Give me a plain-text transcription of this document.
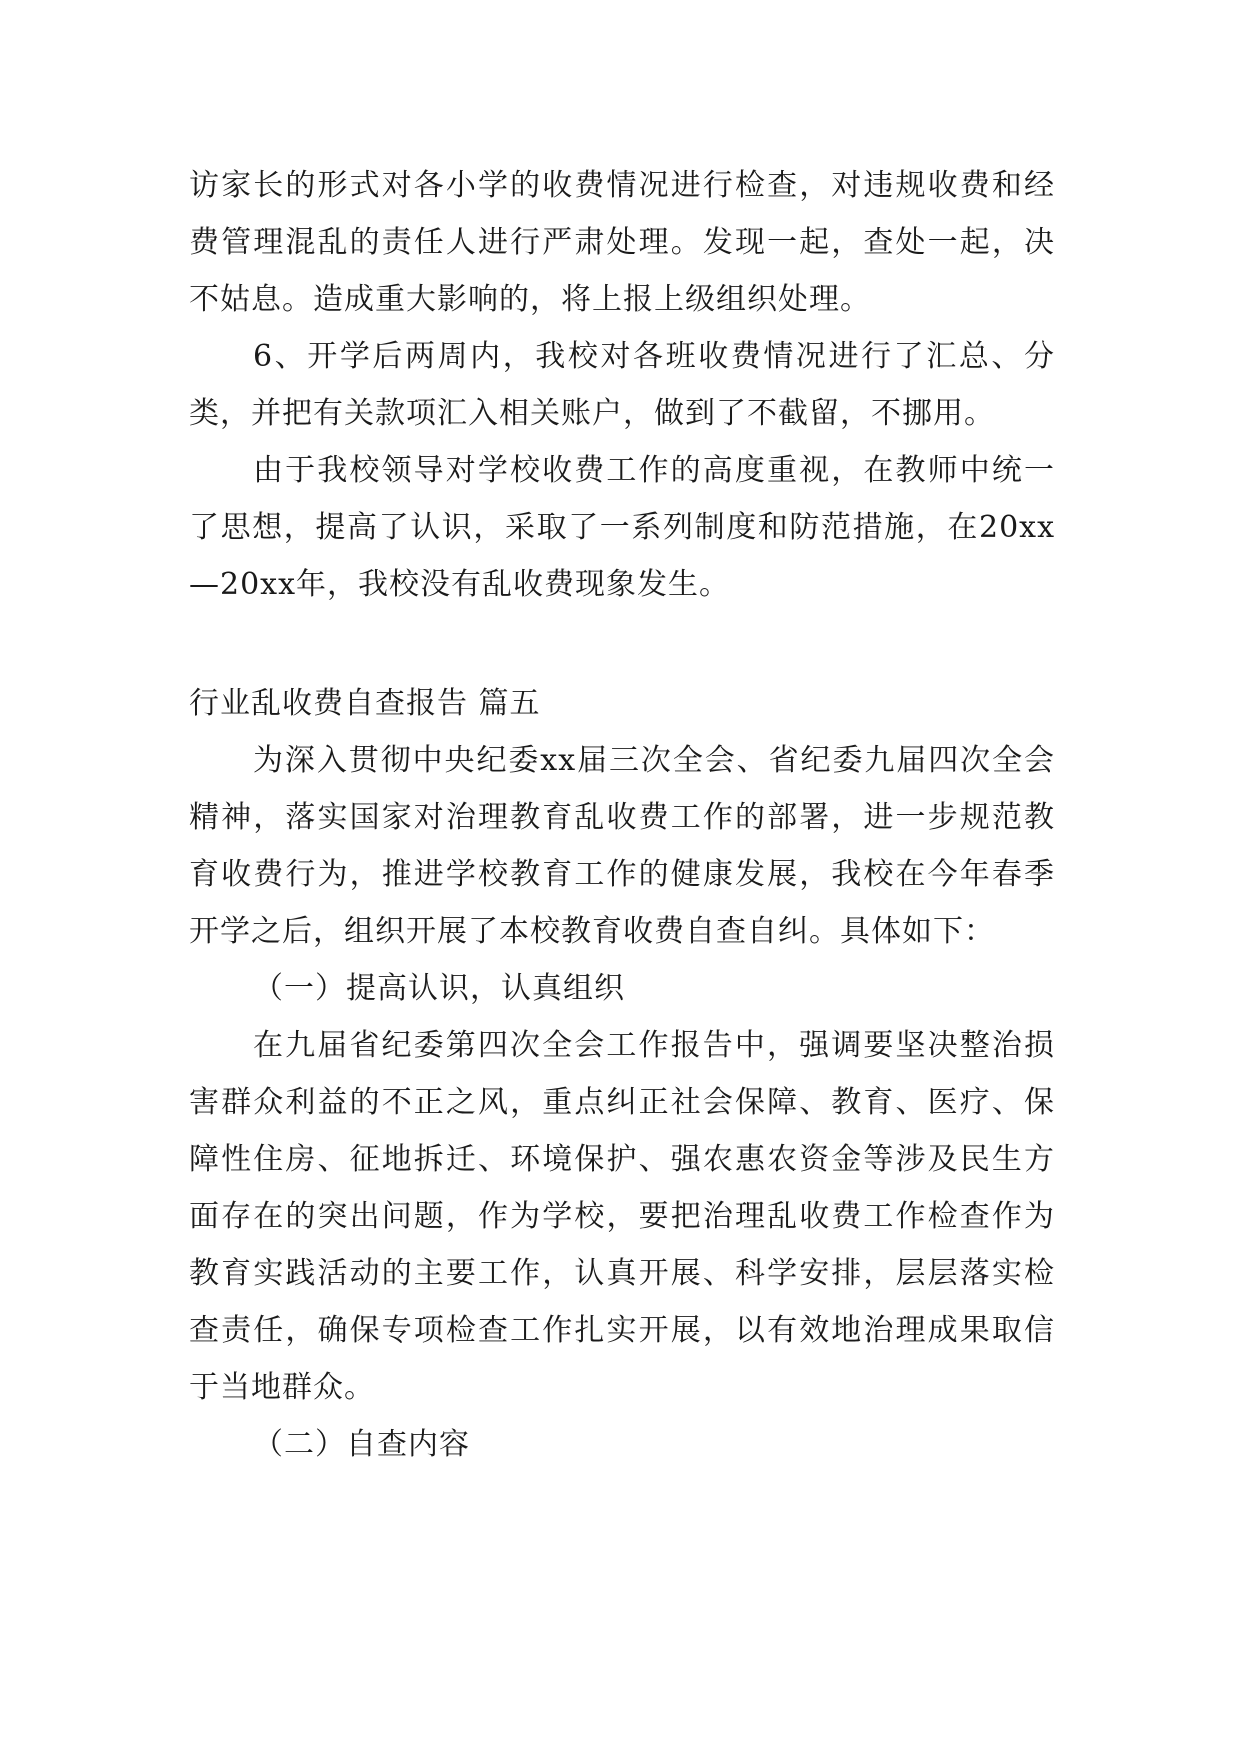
访家长的形式对各小学的收费情况进行检查，对违规收费和经费管理混乱的责任人进行严肃处理。发现一起，查处一起，决不姑息。造成重大影响的，将上报上级组织处理。

6、开学后两周内，我校对各班收费情况进行了汇总、分类，并把有关款项汇入相关账户，做到了不截留，不挪用。

由于我校领导对学校收费工作的高度重视，在教师中统一了思想，提高了认识，采取了一系列制度和防范措施，在20xx—20xx年，我校没有乱收费现象发生。

行业乱收费自查报告 篇五

为深入贯彻中央纪委xx届三次全会、省纪委九届四次全会精神，落实国家对治理教育乱收费工作的部署，进一步规范教育收费行为，推进学校教育工作的健康发展，我校在今年春季开学之后，组织开展了本校教育收费自查自纠。具体如下：

（一）提高认识，认真组织

在九届省纪委第四次全会工作报告中，强调要坚决整治损害群众利益的不正之风，重点纠正社会保障、教育、医疗、保障性住房、征地拆迁、环境保护、强农惠农资金等涉及民生方面存在的突出问题，作为学校，要把治理乱收费工作检查作为教育实践活动的主要工作，认真开展、科学安排，层层落实检查责任，确保专项检查工作扎实开展，以有效地治理成果取信于当地群众。

（二）自查内容
